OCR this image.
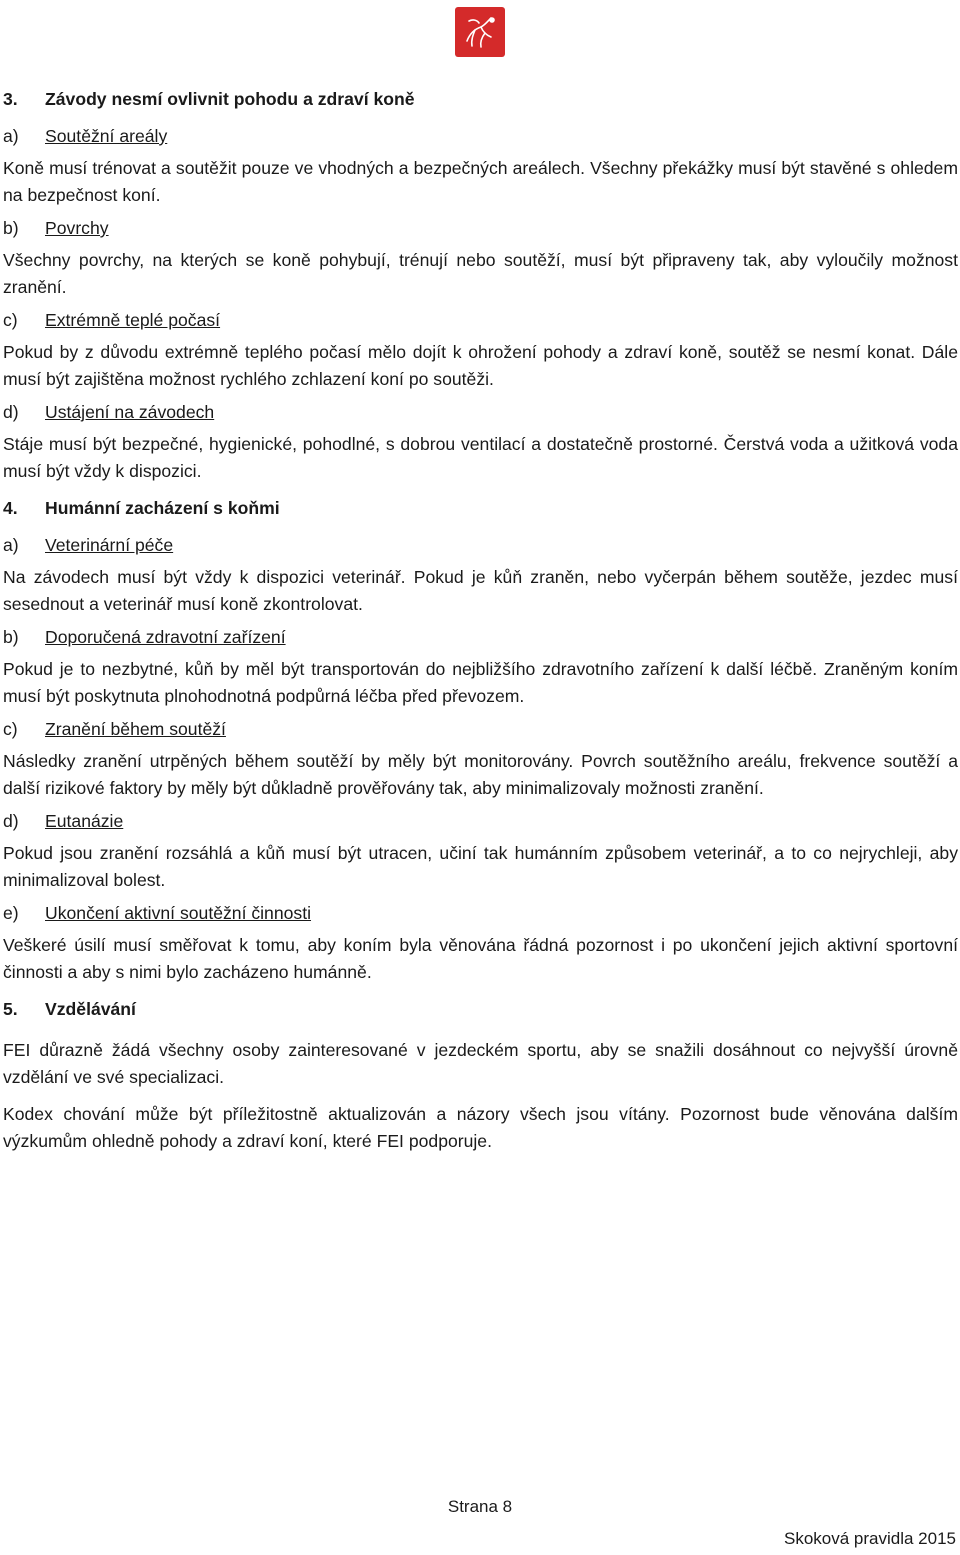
3.	Závody nesmí ovlivnit pohodu a zdraví koně
a)	Soutěžní areály
Koně musí trénovat a soutěžit pouze ve vhodných a bezpečných areálech. Všechny překážky musí být stavěné s ohledem na bezpečnost koní.
b)	Povrchy
Všechny povrchy, na kterých se koně pohybují, trénují nebo soutěží, musí být připraveny tak, aby vyloučily možnost zranění.
c)	Extrémně teplé počasí
Pokud by z důvodu extrémně teplého počasí mělo dojít k ohrožení pohody a zdraví koně, soutěž se nesmí konat. Dále musí být zajištěna možnost rychlého zchlazení koní po soutěži.
d)	Ustájení na závodech
Stáje musí být bezpečné, hygienické, pohodlné, s dobrou ventilací a dostatečně prostorné. Čerstvá voda a užitková voda musí být vždy k dispozici.
4.	Humánní zacházení s koňmi
a)	Veterinární péče
Na závodech musí být vždy k dispozici veterinář. Pokud je kůň zraněn, nebo vyčerpán během soutěže, jezdec musí sesednout a veterinář musí koně zkontrolovat.
b)	Doporučená zdravotní zařízení
Pokud je to nezbytné, kůň by měl být transportován do nejbližšího zdravotního zařízení k další léčbě. Zraněným koním musí být poskytnuta plnohodnotná podpůrná léčba před převozem.
c)	Zranění během soutěží
Následky zranění utrpěných během soutěží by měly být monitorovány. Povrch soutěžního areálu, frekvence soutěží a další rizikové faktory by měly být důkladně prověřovány tak, aby minimalizovaly možnosti zranění.
d)	Eutanázie
Pokud jsou zranění rozsáhlá a kůň musí být utracen, učiní tak humánním způsobem veterinář, a to co nejrychleji, aby minimalizoval bolest.
e)	Ukončení aktivní soutěžní činnosti
Veškeré úsilí musí směřovat k tomu, aby koním byla věnována řádná pozornost i po ukončení jejich aktivní sportovní činnosti a aby s nimi bylo zacházeno humánně.
5.	Vzdělávání
FEI důrazně žádá všechny osoby zainteresované v jezdeckém sportu, aby se snažili dosáhnout co nejvyšší úrovně vzdělání ve své specializaci.
Kodex chování může být příležitostně aktualizován a názory všech jsou vítány. Pozornost bude věnována dalším výzkumům ohledně pohody a zdraví koní, které FEI podporuje.
Strana 8
Skoková pravidla 2015
